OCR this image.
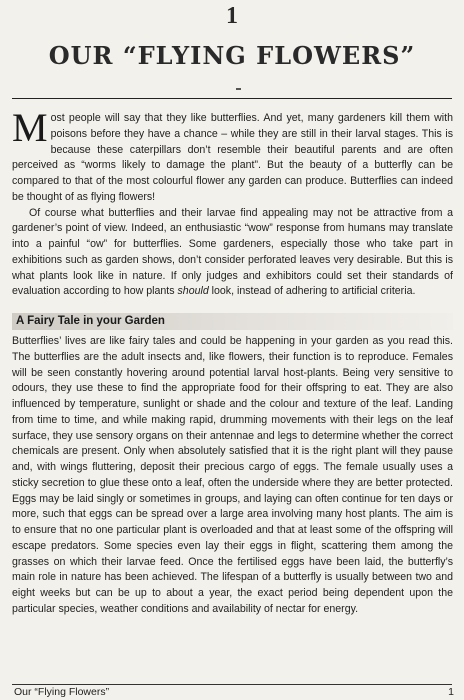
1
OUR “FLYING FLOWERS”

Most people will say that they like butterflies. And yet, many gardeners kill them with poisons before they have a chance – while they are still in their larval stages. This is because these caterpillars don’t resemble their beautiful parents and are often perceived as “worms likely to damage the plant”. But the beauty of a butterfly can be compared to that of the most colourful flower any garden can produce. Butterflies can indeed be thought of as flying flowers!

Of course what butterflies and their larvae find appealing may not be attractive from a gardener’s point of view. Indeed, an enthusiastic “wow” response from humans may translate into a painful “ow” for butterflies. Some gardeners, especially those who take part in exhibitions such as garden shows, don’t consider perforated leaves very desirable. But this is what plants look like in nature. If only judges and exhibitors could set their standards of evaluation according to how plants should look, instead of adhering to artificial criteria.

A Fairy Tale in your Garden

Butterflies’ lives are like fairy tales and could be happening in your garden as you read this. The butterflies are the adult insects and, like flowers, their function is to reproduce. Females will be seen constantly hovering around potential larval host-plants. Being very sensitive to odours, they use these to find the appropriate food for their offspring to eat. They are also influenced by temperature, sunlight or shade and the colour and texture of the leaf. Landing from time to time, and while making rapid, drumming movements with their legs on the leaf surface, they use sensory organs on their antennae and legs to determine whether the correct chemicals are present. Only when absolutely satisfied that it is the right plant will they pause and, with wings fluttering, deposit their precious cargo of eggs. The female usually uses a sticky secretion to glue these onto a leaf, often the underside where they are better protected. Eggs may be laid singly or sometimes in groups, and laying can often continue for ten days or more, such that eggs can be spread over a large area involving many host plants. The aim is to ensure that no one particular plant is overloaded and that at least some of the offspring will escape predators. Some species even lay their eggs in flight, scattering them among the grasses on which their larvae feed. Once the fertilised eggs have been laid, the butterfly’s main role in nature has been achieved. The lifespan of a butterfly is usually between two and eight weeks but can be up to about a year, the exact period being dependent upon the particular species, weather conditions and availability of nectar for energy.

Our “Flying Flowers”	1
